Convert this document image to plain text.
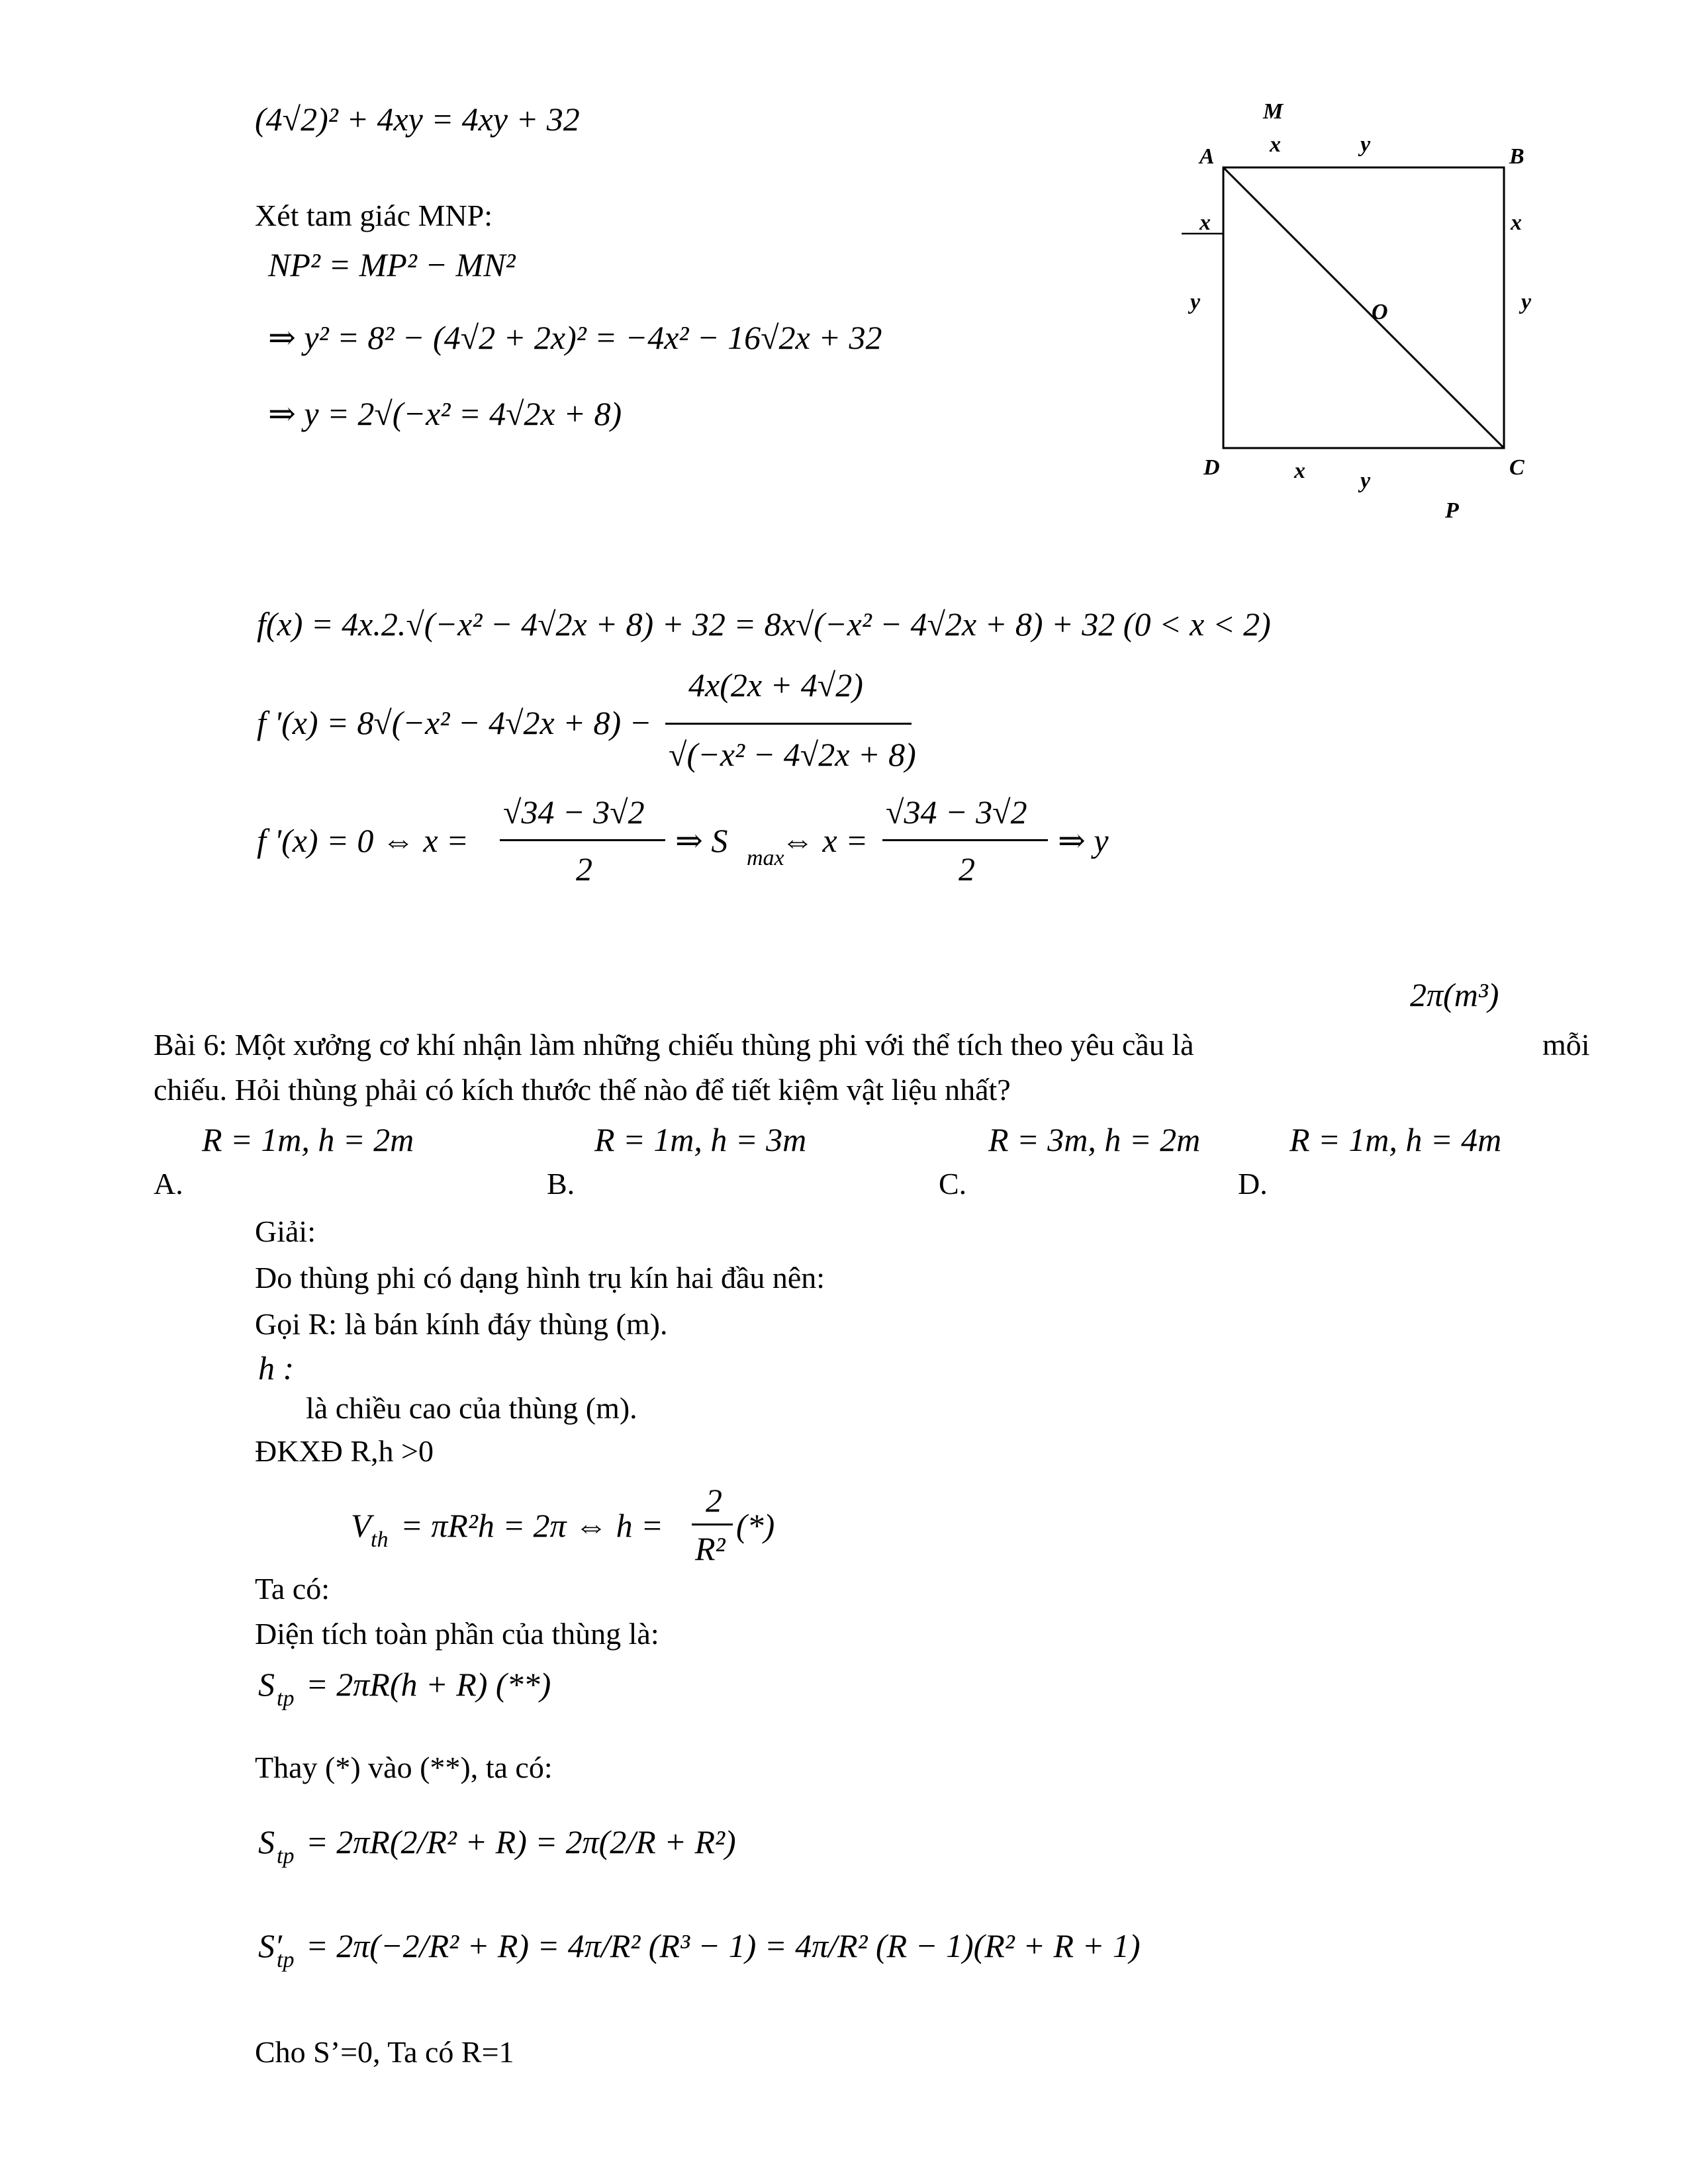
M
A x	y	B
x	x
y	O	y
D	x y
C
P
(4√2)² + 4xy = 4xy + 32
Xét tam giác MNP:
NP² = MP² − MN²
⇒ y² = 8² − (4√2 + 2x)² = −4x² − 16√2x + 32
⇒ y = 2√(−x² = 4√2x + 8)
f(x) = 4x.2.√(−x² − 4√2x + 8) + 32 = 8x√(−x² − 4√2x + 8) + 32 (0 < x < 2)
f '(x) = 8√(−x² − 4√2x + 8) −
4x(2x + 4√2)
√(−x² − 4√2x + 8)
f '(x) = 0 ⇔ x =
√34 − 3√2
2
⇒ S max
⇔ x =
√34 − 3√2
2
⇒ y
2π(m³)
Bài 6: Một xưởng cơ khí nhận làm những chiếu thùng phi với thể tích theo yêu cầu là	mỗi
chiếu. Hỏi thùng phải có kích thước thế nào để tiết kiệm vật liệu nhất?
R = 1m, h = 2m	R = 1m, h = 3m	R = 3m, h = 2m	R = 1m, h = 4m
A.	B.	C.	D.
Giải:
Do thùng phi có dạng hình trụ kín hai đầu nên:
Gọi R: là bán kính đáy thùng (m).
h :
là chiều cao của thùng (m).
ĐKXĐ R,h >0
V th = πR²h = 2π ⇔ h =
2
R²
(*)
Ta có:
Diện tích toàn phần của thùng là:
S tp = 2πR(h + R) (**)
Thay (*) vào (**), ta có:
S tp = 2πR(2/R² + R) = 2π(2/R + R²)
S′
tp = 2π(−2/R² + R) = 4π/R² (R³ − 1) = 4π/R² (R − 1)(R² + R + 1)
Cho S’=0, Ta có R=1
